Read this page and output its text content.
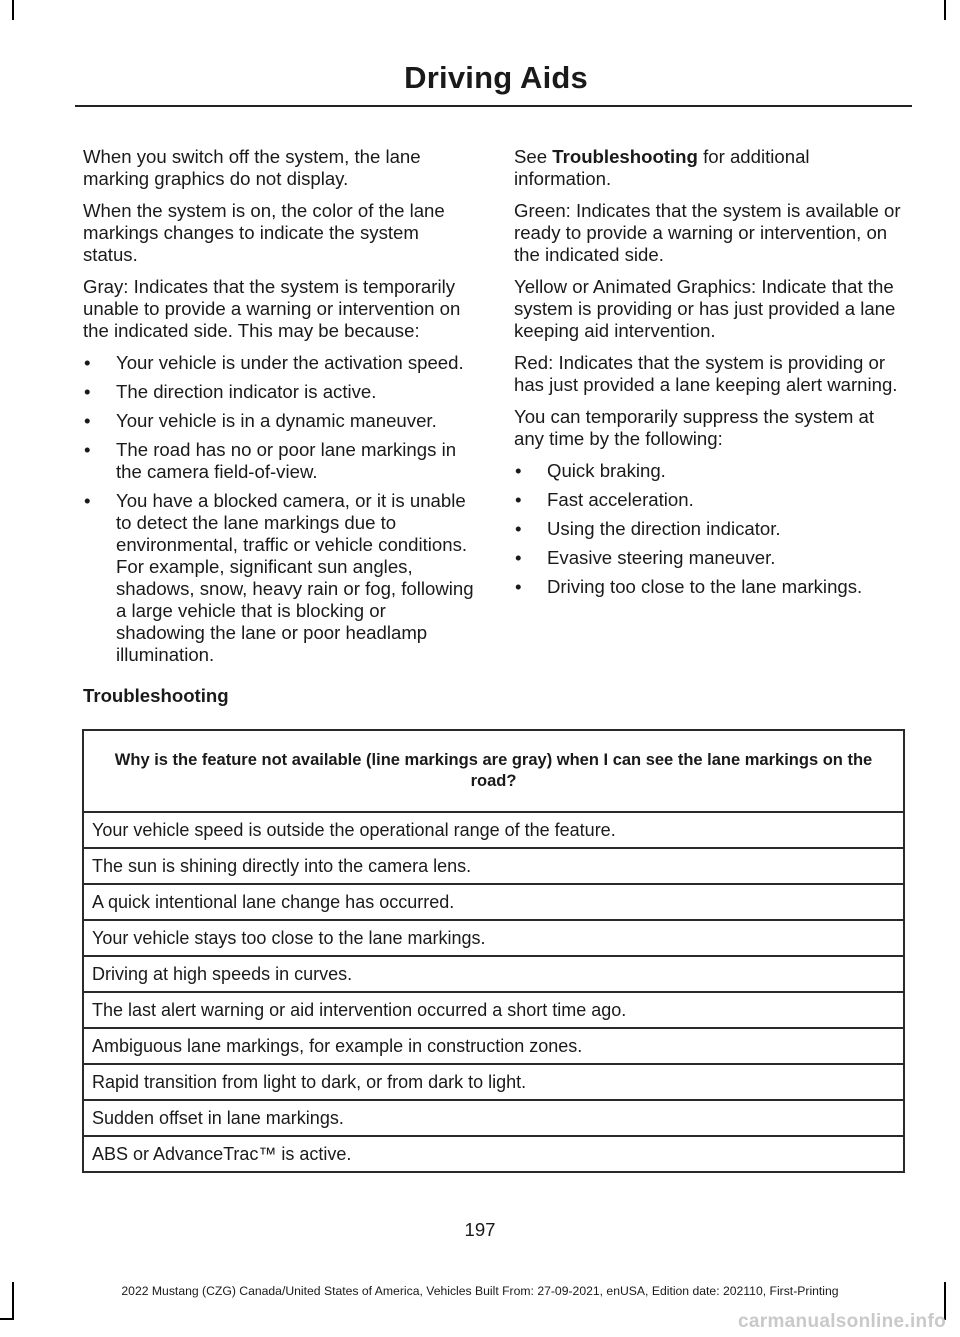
Driving Aids

When you switch off the system, the lane marking graphics do not display.

When the system is on, the color of the lane markings changes to indicate the system status.

Gray: Indicates that the system is temporarily unable to provide a warning or intervention on the indicated side. This may be because:

• Your vehicle is under the activation speed.
• The direction indicator is active.
• Your vehicle is in a dynamic maneuver.
• The road has no or poor lane markings in the camera field-of-view.
• You have a blocked camera, or it is unable to detect the lane markings due to environmental, traffic or vehicle conditions. For example, significant sun angles, shadows, snow, heavy rain or fog, following a large vehicle that is blocking or shadowing the lane or poor headlamp illumination.

See Troubleshooting for additional information.

Green: Indicates that the system is available or ready to provide a warning or intervention, on the indicated side.

Yellow or Animated Graphics: Indicate that the system is providing or has just provided a lane keeping aid intervention.

Red: Indicates that the system is providing or has just provided a lane keeping alert warning.

You can temporarily suppress the system at any time by the following:

• Quick braking.
• Fast acceleration.
• Using the direction indicator.
• Evasive steering maneuver.
• Driving too close to the lane markings.
Troubleshooting
Why is the feature not available (line markings are gray) when I can see the lane markings on the road?
Your vehicle speed is outside the operational range of the feature.
The sun is shining directly into the camera lens.
A quick intentional lane change has occurred.
Your vehicle stays too close to the lane markings.
Driving at high speeds in curves.
The last alert warning or aid intervention occurred a short time ago.
Ambiguous lane markings, for example in construction zones.
Rapid transition from light to dark, or from dark to light.
Sudden offset in lane markings.
ABS or AdvanceTrac™ is active.
197
2022 Mustang (CZG) Canada/United States of America, Vehicles Built From: 27-09-2021, enUSA, Edition date: 202110, First-Printing
carmanualsonline.info
